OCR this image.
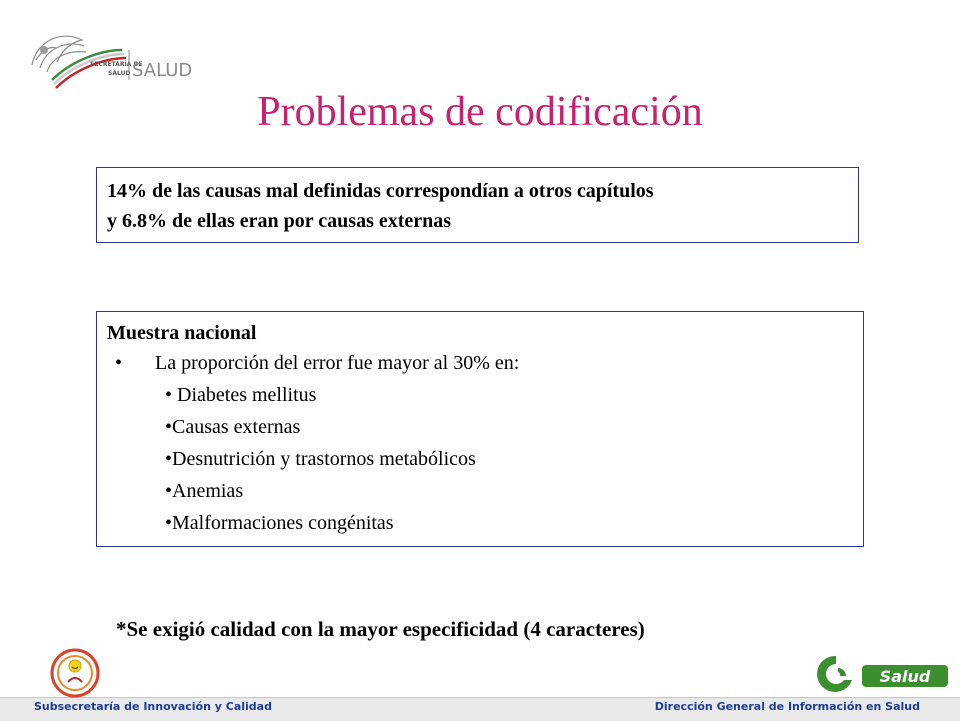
SECRETARÍA DE
SALUD SALUD
Problemas de codificación

14% de las causas mal definidas correspondían a otros capítulos

y 6.8% de ellas eran por causas externas

Muestra nacional

• La proporción del error fue mayor al 30% en:

• Diabetes mellitus
•Causas externas
•Desnutrición y trastornos metabólicos
•Anemias
•Malformaciones congénitas

*Se exigió calidad con la mayor especificidad (4 caracteres)

Subsecretaría de Innovación y Calidad	Dirección General de Información en Salud
Salud
